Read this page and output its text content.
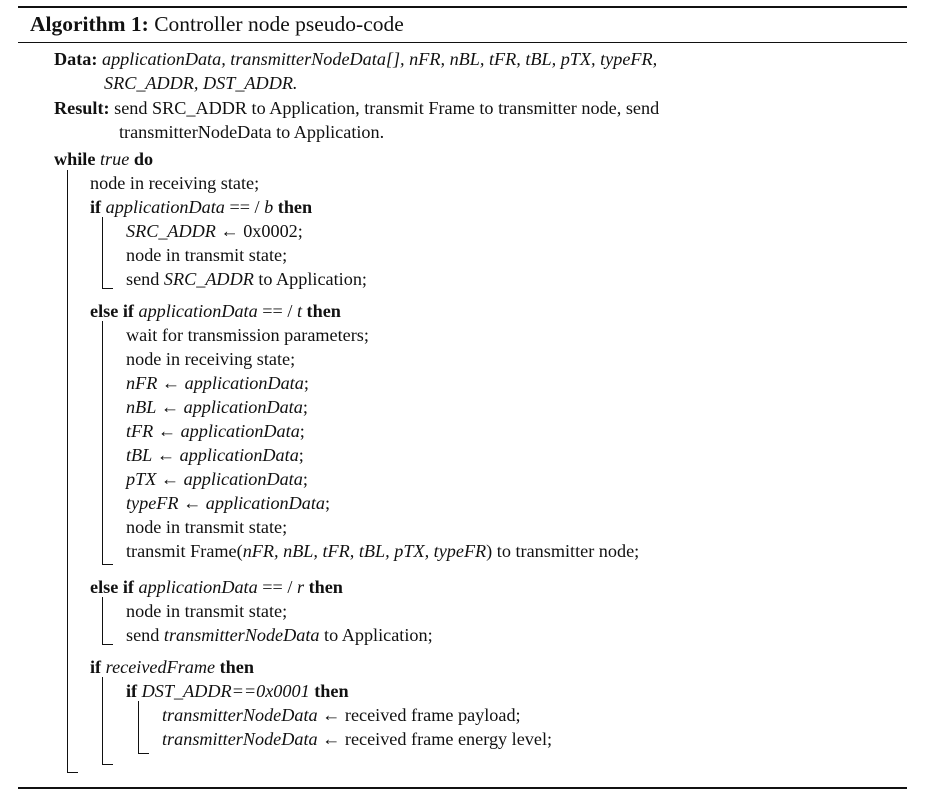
Algorithm 1: Controller node pseudo-code
Data: applicationData, transmitterNodeData[], nFR, nBL, tFR, tBL, pTX, typeFR,
SRC_ADDR, DST_ADDR.
Result: send SRC_ADDR to Application, transmit Frame to transmitter node, send
transmitterNodeData to Application.
while true do
node in receiving state;
if applicationData == / b then
SRC_ADDR ← 0x0002;
node in transmit state;
send SRC_ADDR to Application;
else if applicationData == / t then
wait for transmission parameters;
node in receiving state;
nFR ← applicationData;
nBL ← applicationData;
tFR ← applicationData;
tBL ← applicationData;
pTX ← applicationData;
typeFR ← applicationData;
node in transmit state;
transmit Frame(nFR, nBL, tFR, tBL, pTX, typeFR) to transmitter node;
else if applicationData == / r then
node in transmit state;
send transmitterNodeData to Application;
if receivedFrame then
if DST_ADDR==0x0001 then
transmitterNodeData ← received frame payload;
transmitterNodeData ← received frame energy level;
